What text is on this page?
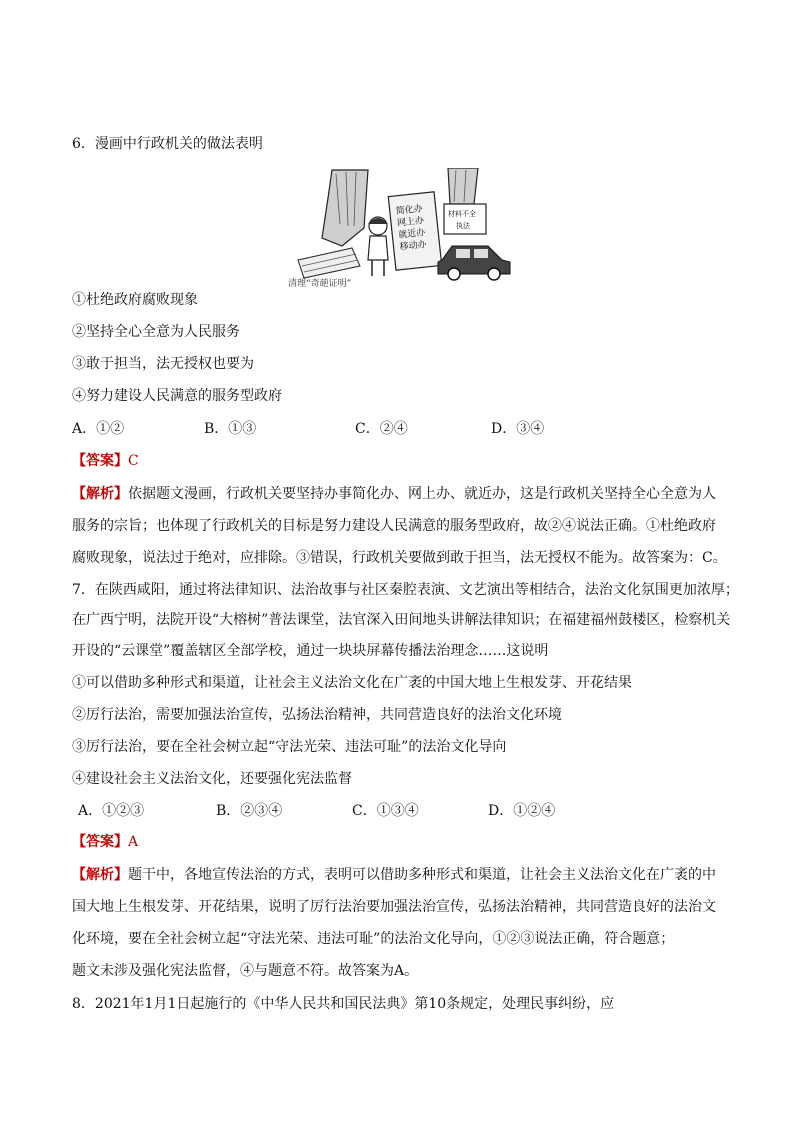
6．漫画中行政机关的做法表明
简化办
网上办
就近办
移动办
材料不全
执法
清理“奇葩证明”
①杜绝政府腐败现象
②坚持全心全意为人民服务
③敢于担当，法无授权也要为
④努力建设人民满意的服务型政府
A．①②	B．①③	C．②④	D．③④
【答案】C
【解析】依据题文漫画，行政机关要坚持办事简化办、网上办、就近办，这是行政机关坚持全心全意为人
服务的宗旨；也体现了行政机关的目标是努力建设人民满意的服务型政府，故②④说法正确。①杜绝政府
腐败现象，说法过于绝对，应排除。③错误，行政机关要做到敢于担当，法无授权不能为。故答案为：C。
7．在陕西咸阳，通过将法律知识、法治故事与社区秦腔表演、文艺演出等相结合，法治文化氛围更加浓厚；
在广西宁明，法院开设“大榕树”普法课堂，法官深入田间地头讲解法律知识；在福建福州鼓楼区，检察机关
开设的“云课堂”覆盖辖区全部学校，通过一块块屏幕传播法治理念……这说明
①可以借助多种形式和渠道，让社会主义法治文化在广袤的中国大地上生根发芽、开花结果
②厉行法治，需要加强法治宣传，弘扬法治精神，共同营造良好的法治文化环境
③厉行法治，要在全社会树立起“守法光荣、违法可耻”的法治文化导向
④建设社会主义法治文化，还要强化宪法监督
A．①②③	B．②③④	C．①③④	D．①②④
【答案】A
【解析】题干中，各地宣传法治的方式，表明可以借助多种形式和渠道，让社会主义法治文化在广袤的中
国大地上生根发芽、开花结果，说明了厉行法治要加强法治宣传，弘扬法治精神，共同营造良好的法治文
化环境，要在全社会树立起“守法光荣、违法可耻”的法治文化导向，①②③说法正确，符合题意；
题文未涉及强化宪法监督，④与题意不符。故答案为A。
8．2021年1月1日起施行的《中华人民共和国民法典》第10条规定，处理民事纠纷，应
